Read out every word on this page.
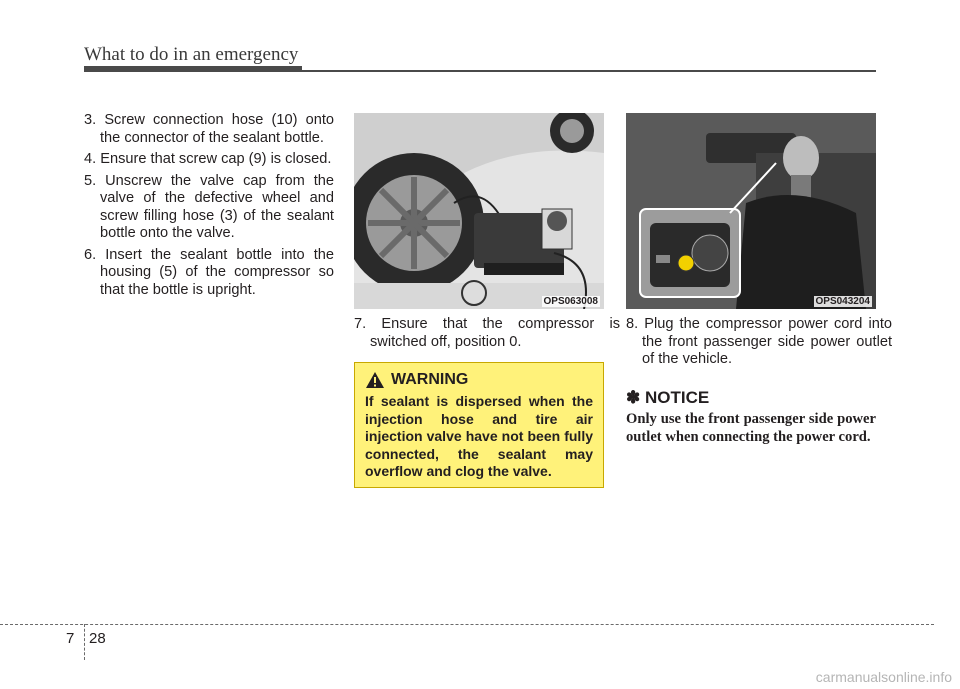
What to do in an emergency
3. Screw connection hose (10) onto the connector of the sealant bottle.
4. Ensure that screw cap (9) is closed.
5. Unscrew the valve cap from the valve of the defective wheel and screw filling hose (3) of the sealant bottle onto the valve.
6. Insert the sealant bottle into the housing (5) of the compressor so that the bottle is upright.
OPS063008	OPS043204
7. Ensure that the compressor is switched off, position 0.
8. Plug the compressor power cord into the front passenger side power outlet of the vehicle.
WARNING
If sealant is dispersed when the injection hose and tire air injection valve have not been fully connected, the sealant may overflow and clog the valve.
✽ NOTICE
Only use the front passenger side power outlet when connecting the power cord.
7 28
carmanualsonline.info
